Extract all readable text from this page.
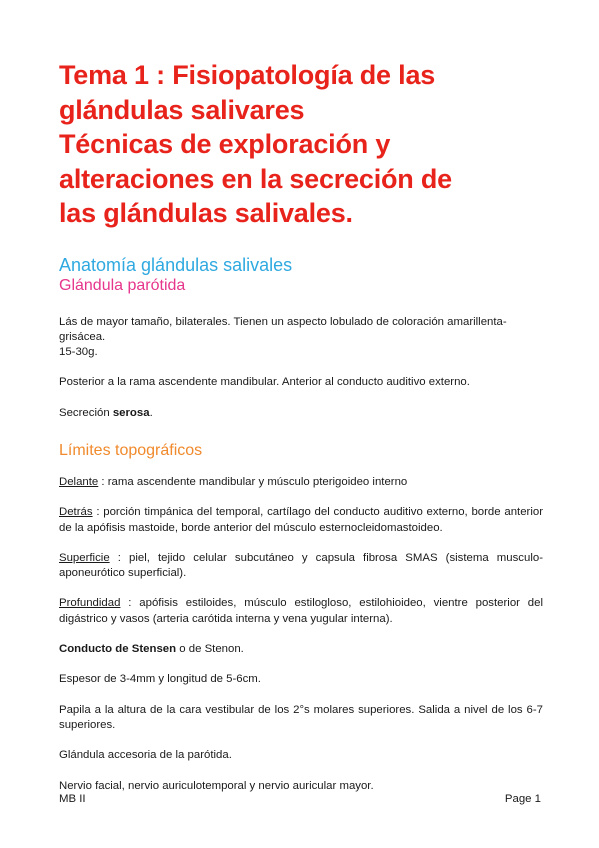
Tema 1 : Fisiopatología de las
glándulas salivares
Técnicas de exploración y
alteraciones en la secreción de
las glándulas salivales.
Anatomía glándulas salivales
Glándula parótida

Lás de mayor tamaño, bilaterales. Tienen un aspecto lobulado de coloración amarillenta-
grisácea.
15-30g.

Posterior a la rama ascendente mandibular. Anterior al conducto auditivo externo.

Secreción serosa.

Límites topográficos

Delante : rama ascendente mandibular y músculo pterigoideo interno

Detrás : porción timpánica del temporal, cartílago del conducto auditivo externo, borde anterior de la apófisis mastoide, borde anterior del músculo esternocleidomastoideo.

Superficie : piel, tejido celular subcutáneo y capsula fibrosa SMAS (sistema musculo-aponeurótico superficial).

Profundidad : apófisis estiloides, músculo estilogloso, estilohioideo, vientre posterior del digástrico y vasos (arteria carótida interna y vena yugular interna).

Conducto de Stensen o de Stenon.

Espesor de 3-4mm y longitud de 5-6cm.

Papila a la altura de la cara vestibular de los 2°s molares superiores. Salida a nivel de los 6-7 superiores.

Glándula accesoria de la parótida.

Nervio facial, nervio auriculotemporal y nervio auricular mayor.

MB II	Page 1
